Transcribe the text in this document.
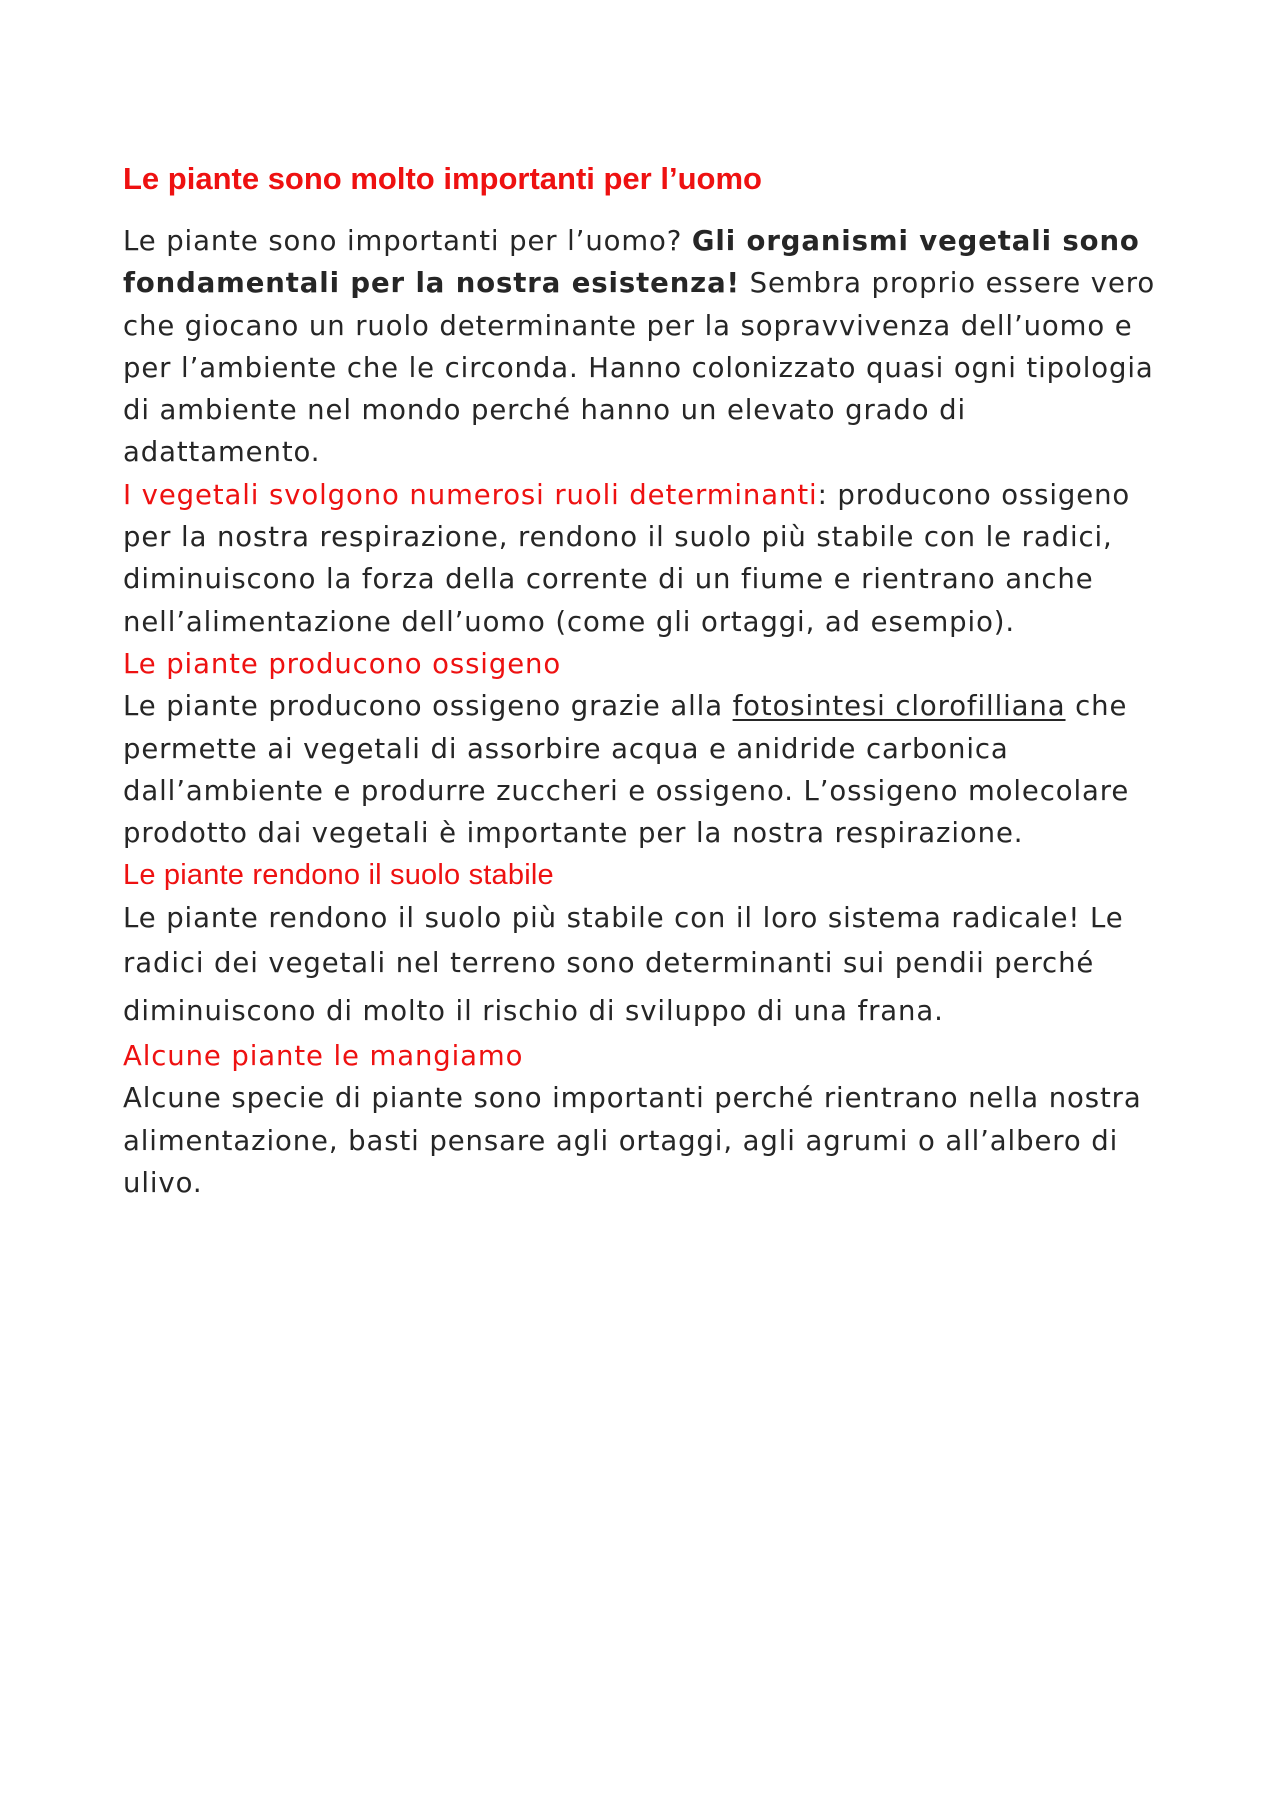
Le piante sono molto importanti per l’uomo

Le piante sono importanti per l’uomo? Gli organismi vegetali sono fondamentali per la nostra esistenza! Sembra proprio essere vero che giocano un ruolo determinante per la sopravvivenza dell’uomo e per l’ambiente che le circonda. Hanno colonizzato quasi ogni tipologia di ambiente nel mondo perché hanno un elevato grado di adattamento.

I vegetali svolgono numerosi ruoli determinanti: producono ossigeno per la nostra respirazione, rendono il suolo più stabile con le radici, diminuiscono la forza della corrente di un fiume e rientrano anche nell’alimentazione dell’uomo (come gli ortaggi, ad esempio).

Le piante producono ossigeno

Le piante producono ossigeno grazie alla fotosintesi clorofilliana che permette ai vegetali di assorbire acqua e anidride carbonica dall’ambiente e produrre zuccheri e ossigeno. L’ossigeno molecolare prodotto dai vegetali è importante per la nostra respirazione.

Le piante rendono il suolo stabile

Le piante rendono il suolo più stabile con il loro sistema radicale! Le

radici dei vegetali nel terreno sono determinanti sui pendii perché

diminuiscono di molto il rischio di sviluppo di una frana.

Alcune piante le mangiamo

Alcune specie di piante sono importanti perché rientrano nella nostra alimentazione, basti pensare agli ortaggi, agli agrumi o all’albero di ulivo.
